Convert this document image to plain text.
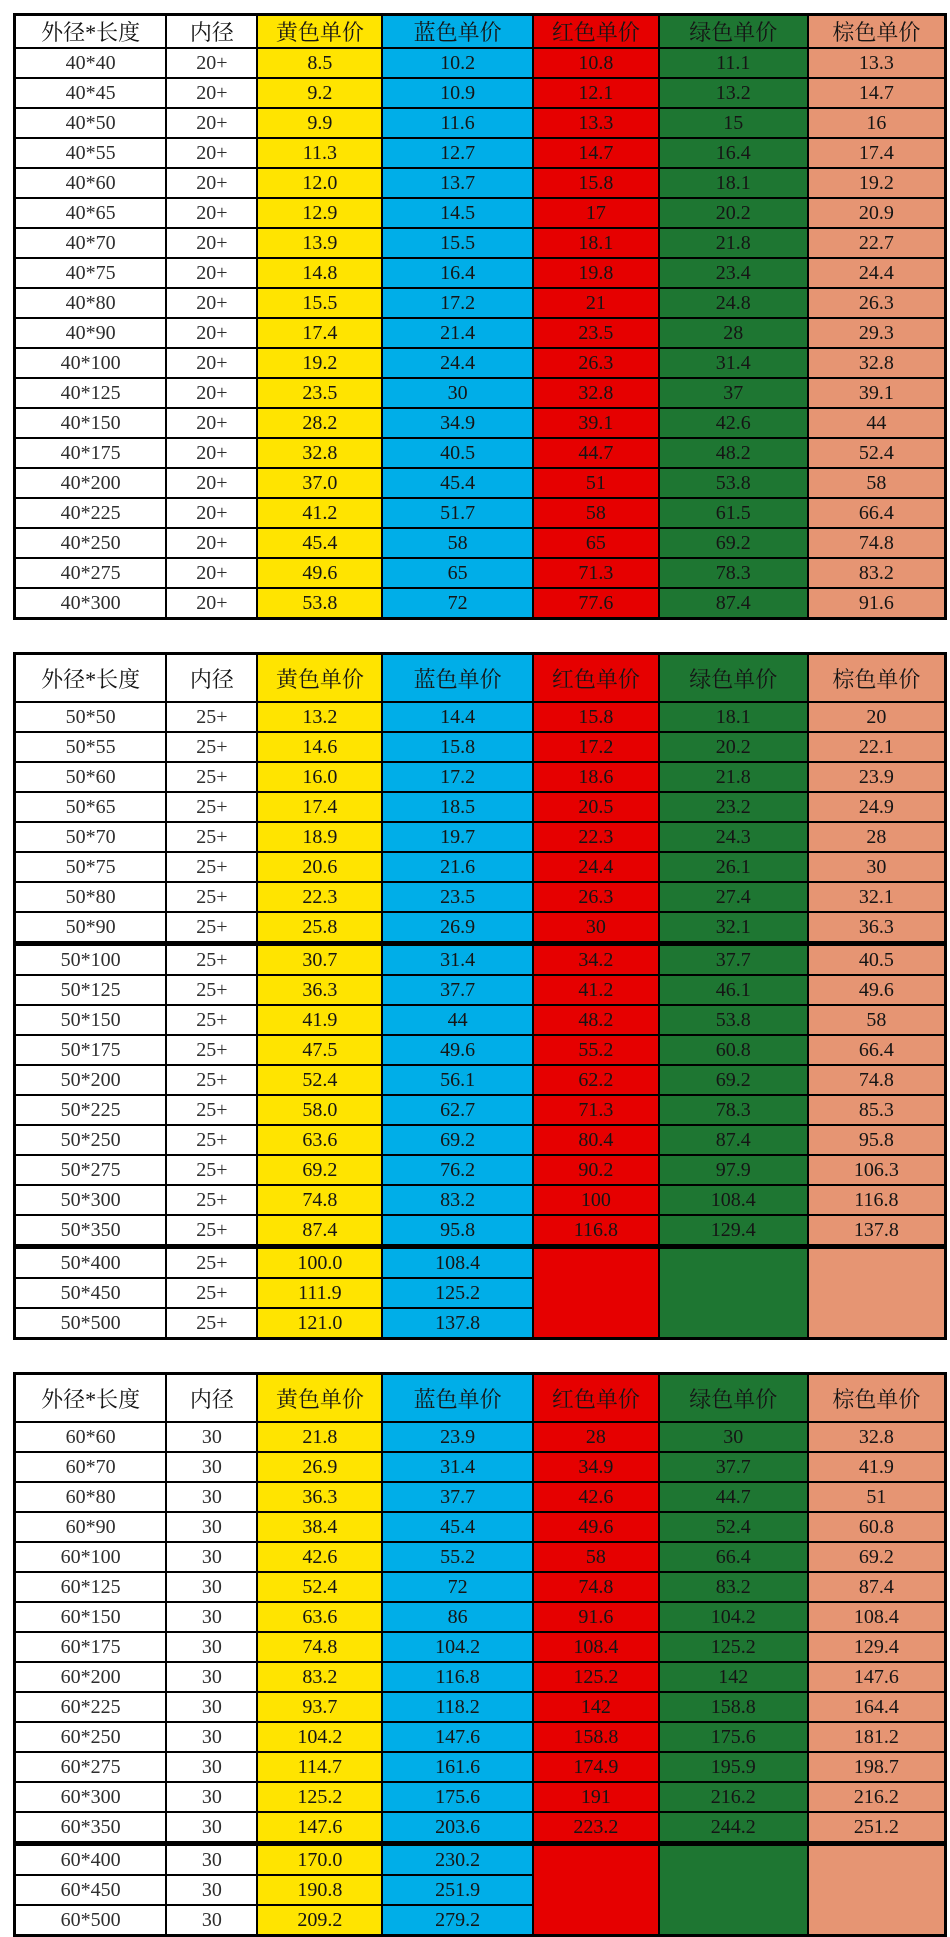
外径*长度	内径	黄色单价	蓝色单价	红色单价	绿色单价	棕色单价
40*40	20+	8.5	10.2	10.8	11.1	13.3
40*45	20+	9.2	10.9	12.1	13.2	14.7
40*50	20+	9.9	11.6	13.3	15	16
40*55	20+	11.3	12.7	14.7	16.4	17.4
40*60	20+	12.0	13.7	15.8	18.1	19.2
40*65	20+	12.9	14.5	17	20.2	20.9
40*70	20+	13.9	15.5	18.1	21.8	22.7
40*75	20+	14.8	16.4	19.8	23.4	24.4
40*80	20+	15.5	17.2	21	24.8	26.3
40*90	20+	17.4	21.4	23.5	28	29.3
40*100	20+	19.2	24.4	26.3	31.4	32.8
40*125	20+	23.5	30	32.8	37	39.1
40*150	20+	28.2	34.9	39.1	42.6	44
40*175	20+	32.8	40.5	44.7	48.2	52.4
40*200	20+	37.0	45.4	51	53.8	58
40*225	20+	41.2	51.7	58	61.5	66.4
40*250	20+	45.4	58	65	69.2	74.8
40*275	20+	49.6	65	71.3	78.3	83.2
40*300	20+	53.8	72	77.6	87.4	91.6
外径*长度	内径	黄色单价	蓝色单价	红色单价	绿色单价	棕色单价
50*50	25+	13.2	14.4	15.8	18.1	20
50*55	25+	14.6	15.8	17.2	20.2	22.1
50*60	25+	16.0	17.2	18.6	21.8	23.9
50*65	25+	17.4	18.5	20.5	23.2	24.9
50*70	25+	18.9	19.7	22.3	24.3	28
50*75	25+	20.6	21.6	24.4	26.1	30
50*80	25+	22.3	23.5	26.3	27.4	32.1
50*90	25+	25.8	26.9	30	32.1	36.3
50*100	25+	30.7	31.4	34.2	37.7	40.5
50*125	25+	36.3	37.7	41.2	46.1	49.6
50*150	25+	41.9	44	48.2	53.8	58
50*175	25+	47.5	49.6	55.2	60.8	66.4
50*200	25+	52.4	56.1	62.2	69.2	74.8
50*225	25+	58.0	62.7	71.3	78.3	85.3
50*250	25+	63.6	69.2	80.4	87.4	95.8
50*275	25+	69.2	76.2	90.2	97.9	106.3
50*300	25+	74.8	83.2	100	108.4	116.8
50*350	25+	87.4	95.8	116.8	129.4	137.8
50*400	25+	100.0	108.4			
50*450	25+	111.9	125.2			
50*500	25+	121.0	137.8			
外径*长度	内径	黄色单价	蓝色单价	红色单价	绿色单价	棕色单价
60*60	30	21.8	23.9	28	30	32.8
60*70	30	26.9	31.4	34.9	37.7	41.9
60*80	30	36.3	37.7	42.6	44.7	51
60*90	30	38.4	45.4	49.6	52.4	60.8
60*100	30	42.6	55.2	58	66.4	69.2
60*125	30	52.4	72	74.8	83.2	87.4
60*150	30	63.6	86	91.6	104.2	108.4
60*175	30	74.8	104.2	108.4	125.2	129.4
60*200	30	83.2	116.8	125.2	142	147.6
60*225	30	93.7	118.2	142	158.8	164.4
60*250	30	104.2	147.6	158.8	175.6	181.2
60*275	30	114.7	161.6	174.9	195.9	198.7
60*300	30	125.2	175.6	191	216.2	216.2
60*350	30	147.6	203.6	223.2	244.2	251.2
60*400	30	170.0	230.2			
60*450	30	190.8	251.9			
60*500	30	209.2	279.2			
